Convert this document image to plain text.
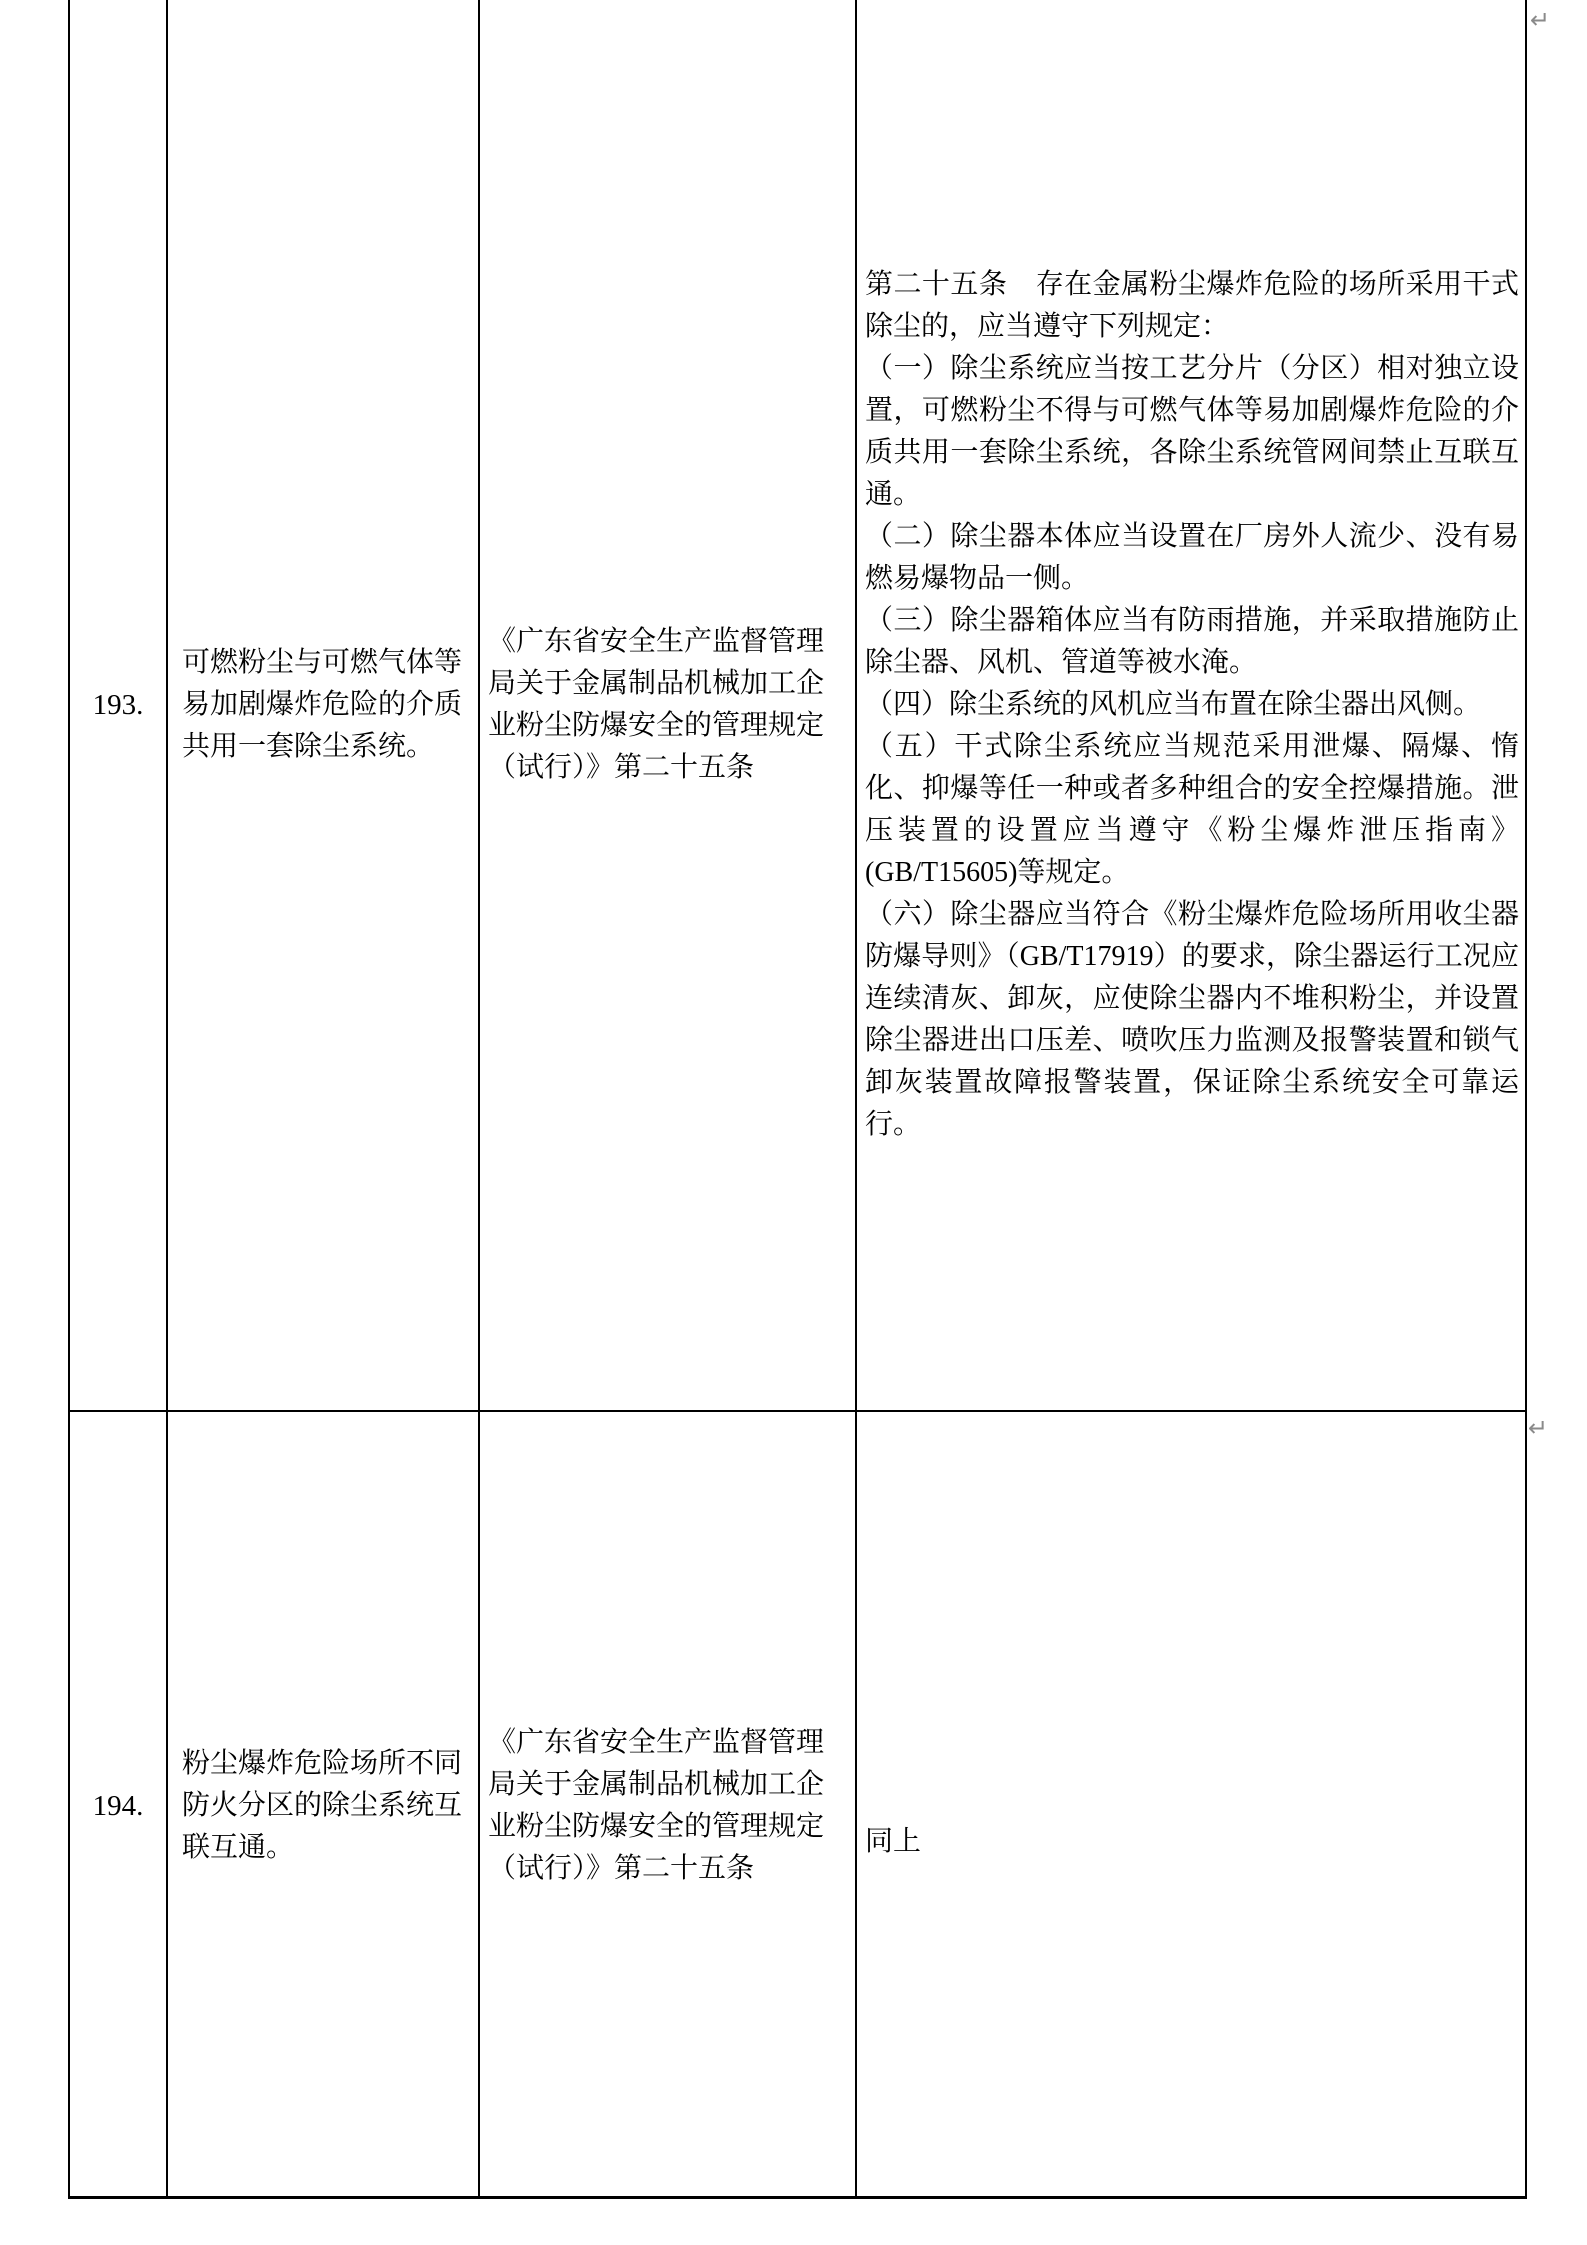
193.
可燃粉尘与可燃气体等易加剧爆炸危险的介质共用一套除尘系统。
《广东省安全生产监督管理局关于金属制品机械加工企业粉尘防爆安全的管理规定（试行）》第二十五条

第二十五条　存在金属粉尘爆炸危险的场所采用干式除尘的，应当遵守下列规定：

（一）除尘系统应当按工艺分片（分区）相对独立设置，可燃粉尘不得与可燃气体等易加剧爆炸危险的介质共用一套除尘系统，各除尘系统管网间禁止互联互通。

（二）除尘器本体应当设置在厂房外人流少、没有易燃易爆物品一侧。

（三）除尘器箱体应当有防雨措施，并采取措施防止除尘器、风机、管道等被水淹。

（四）除尘系统的风机应当布置在除尘器出风侧。

（五）干式除尘系统应当规范采用泄爆、隔爆、惰化、抑爆等任一种或者多种组合的安全控爆措施。泄压装置的设置应当遵守《粉尘爆炸泄压指南》(GB/T15605)等规定。

（六）除尘器应当符合《粉尘爆炸危险场所用收尘器防爆导则》（GB/T17919）的要求，除尘器运行工况应连续清灰、卸灰，应使除尘器内不堆积粉尘，并设置除尘器进出口压差、喷吹压力监测及报警装置和锁气卸灰装置故障报警装置，保证除尘系统安全可靠运行。

194.
粉尘爆炸危险场所不同防火分区的除尘系统互联互通。
《广东省安全生产监督管理局关于金属制品机械加工企业粉尘防爆安全的管理规定（试行）》第二十五条

同上

↵
↵
